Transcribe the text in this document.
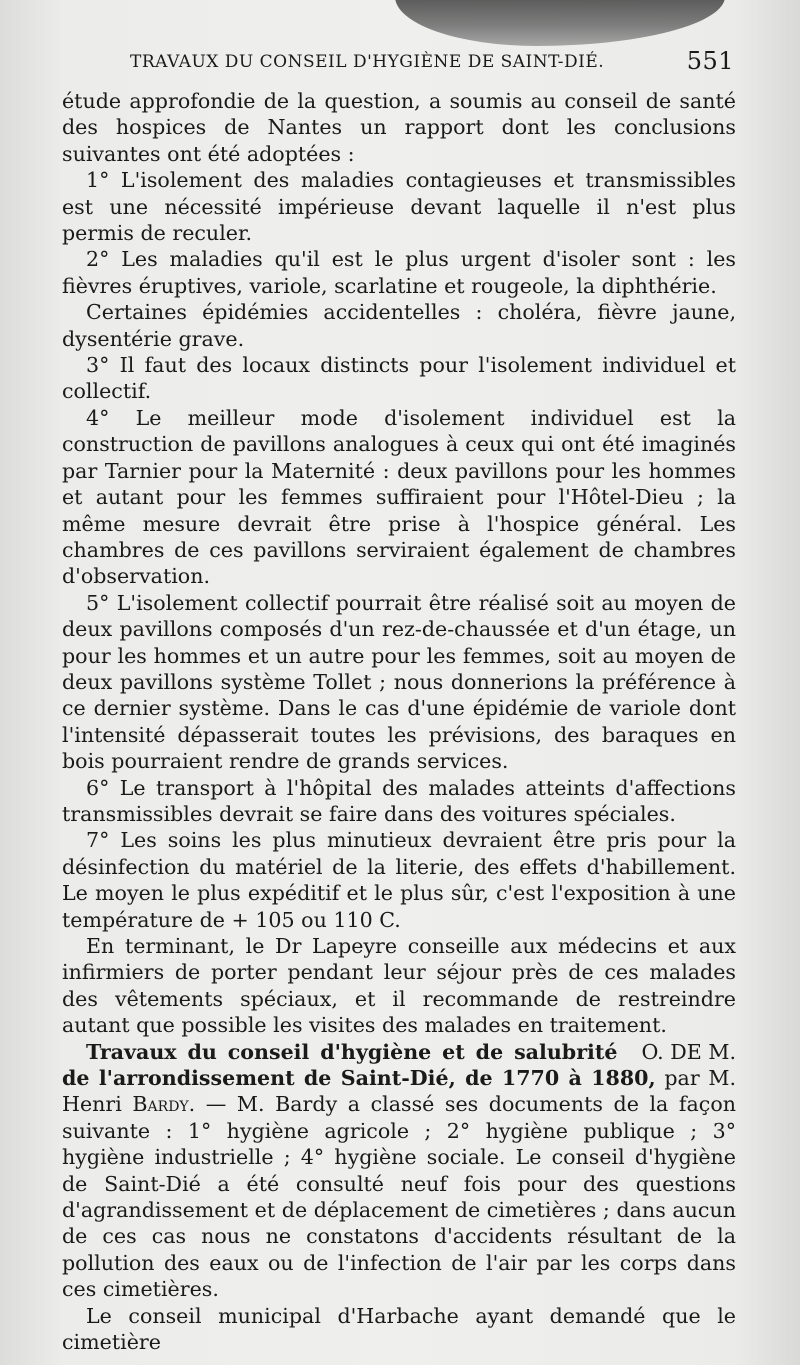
TRAVAUX DU CONSEIL D'HYGIÈNE DE SAINT-DIÉ.	551

étude approfondie de la question, a soumis au conseil de santé des hospices de Nantes un rapport dont les conclusions suivantes ont été adoptées :

1° L'isolement des maladies contagieuses et transmissibles est une nécessité impérieuse devant laquelle il n'est plus permis de reculer.

2° Les maladies qu'il est le plus urgent d'isoler sont : les fièvres éruptives, variole, scarlatine et rougeole, la diphthérie.

Certaines épidémies accidentelles : choléra, fièvre jaune, dysentérie grave.

3° Il faut des locaux distincts pour l'isolement individuel et collectif.

4° Le meilleur mode d'isolement individuel est la construction de pavillons analogues à ceux qui ont été imaginés par Tarnier pour la Maternité : deux pavillons pour les hommes et autant pour les femmes suffiraient pour l'Hôtel-Dieu ; la même mesure devrait être prise à l'hospice général. Les chambres de ces pavillons serviraient également de chambres d'observation.

5° L'isolement collectif pourrait être réalisé soit au moyen de deux pavillons composés d'un rez-de-chaussée et d'un étage, un pour les hommes et un autre pour les femmes, soit au moyen de deux pavillons système Tollet ; nous donnerions la préférence à ce dernier système. Dans le cas d'une épidémie de variole dont l'intensité dépasserait toutes les prévisions, des baraques en bois pourraient rendre de grands services.

6° Le transport à l'hôpital des malades atteints d'affections transmissibles devrait se faire dans des voitures spéciales.

7° Les soins les plus minutieux devraient être pris pour la désinfection du matériel de la literie, des effets d'habillement. Le moyen le plus expéditif et le plus sûr, c'est l'exposition à une température de + 105 ou 110 C.

En terminant, le Dr Lapeyre conseille aux médecins et aux infirmiers de porter pendant leur séjour près de ces malades des vêtements spéciaux, et il recommande de restreindre autant que possible les visites des malades en traitement.
O. DE M.

Travaux du conseil d'hygiène et de salubrité de l'arrondissement de Saint-Dié, de 1770 à 1880, par M. Henri Bardy. — M. Bardy a classé ses documents de la façon suivante : 1° hygiène agricole ; 2° hygiène publique ; 3° hygiène industrielle ; 4° hygiène sociale. Le conseil d'hygiène de Saint-Dié a été consulté neuf fois pour des questions d'agrandissement et de déplacement de cimetières ; dans aucun de ces cas nous ne constatons d'accidents résultant de la pollution des eaux ou de l'infection de l'air par les corps dans ces cimetières.

Le conseil municipal d'Harbache ayant demandé que le cimetière
